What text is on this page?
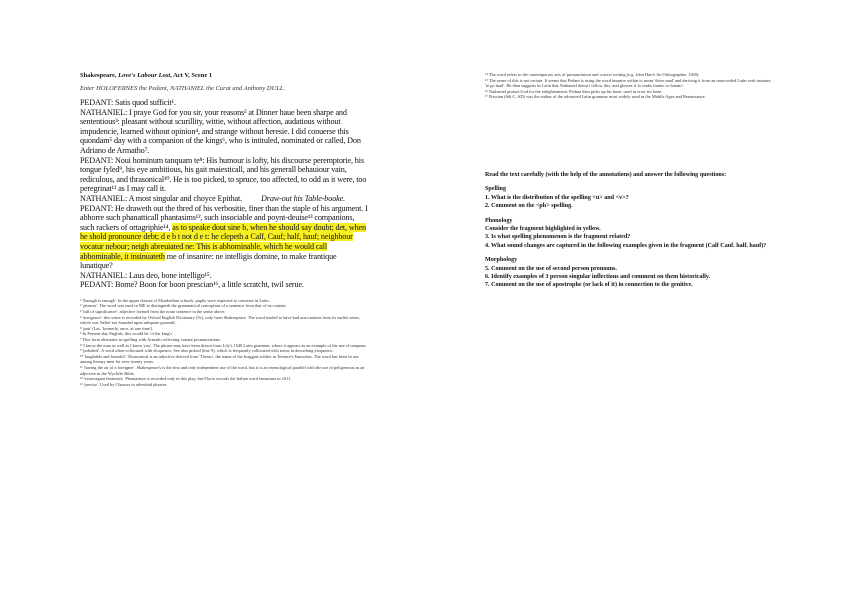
Shakespeare, Love's Labour Lost, Act V, Scene 1

Enter HOLOFERNES the Pedant, NATHANIEL the Curat and Anthony DULL.

PEDANT: Satis quod sufficit¹.

NATHANIEL: I praye God for you sir, your reasons² at Dinner haue been sharpe and

sententious³: pleasant without scurillity, wittie, without affection, audatious without impudencie, learned without opinion⁴, and strange without heresie. I did conuerse this quondam⁵ day with a companion of the kings⁶, who is intituled, nominated or called, Don Adriano de Armatho⁷.

PEDANT: Noui hominum tanquam te⁸: His humour is lofty, his discourse peremptorie, his tongue fyled⁹, his eye ambitious, his gait maiesticall, and his generall behauiour vain, rediculous, and thrasonical¹⁰. He is too picked, to spruce, too affected, to odd as it were, too peregrinat¹¹ as I may call it.

NATHANIEL: A most singular and choyce Epithat. Draw-out his Table-booke.

PEDANT: He draweth out the thred of his verbositie, finer than the staple of his argument. I abhorre such phanatticall phantasims¹², such insociable and poynt-deuise¹³ companions, such rackers of ortagriphie¹⁴, as to speake dout sine b, when he should say doubt; det, when he shold pronounce debt; d e b t not d e t: he clepeth a Calf, Cauf; half, hauf; neighbour vocatur nebour; neigh abreuiated ne: This is abhominable, which he would call abbominable, it insinuateth me of insanire: ne intelligis domine, to make frantique lunatique?

NATHANIEL: Laus deo, bone intelligo¹⁵.

PEDANT: Bome? Boon for boon prescian¹⁶, a little scratcht, twil serue.

¹ 'Enough is enough'. In the upper classes of Elizabethan schools, pupils were expected to converse in Latin.

² 'phrases'. The word was used in ME to distinguish the grammatical conception of a sentence from that of its content.

³ 'full of significance': adjective formed from the noun sentence in the sense above.

⁴ 'arrogance': this sense is recorded by Oxford English Dictionary (5c), only from Shakespeare. The word tended to have bad associations from its earlier sense, which was 'belief not founded upon adequate grounds'.

⁵ 'past' (Lat. 'formerly, once, at one time').

⁶ In Present-day English, this would be 'of the king's'.

⁷ This form alternates in spelling with Armado reflecting variant pronunciations.

⁸ 'I know the man as well as I know you'. The phrase may have been drawn from Lily's 1549 Latin grammar, where it appears as an example of the use of tanquam.

⁹ 'polished'. A word often collocated with eloquence. See also picked (line 9), which is frequently collocated with terms in describing eloquence.

¹⁰ 'laughable and boastful'. Thrasonical is an adjective derived from 'Thraso', the name of the braggart soldier in Terence's Eunuchus. The word has been in use among literary men for over twenty years.

¹¹ 'having the air of a foreigner'. Shakespeare's is the first and only independent use of the word, but it is an etymological parallel with the use of peligrenous as an adjective in the Wycliffe Bible.

¹² 'extravagant fantasists'. Phantasime is recorded only in this play, but Florio records the Italian word fantasima in 1611.

¹³ 'precise'. Used by Chaucer in adverbial phrases.

¹⁴ The word refers to the contemporary arts of pronunciation and correct writing (e.g. John Hart's An Orthographie, 1569).

¹⁵ The sense of this is not certain. It seems that Pedant is using the word insanire within to mean 'drive mad' and deriving it from an unrecorded Latin verb insanire, 'to go mad'. He then suggests in Latin that Nathaniel doesn't follow this, and glosses it 'to make frantic or lunatic'.

¹⁶ Nathaniel praises God for the enlightenment. Pedant then picks up his bone, used in error for bene.

¹⁷ Priscian (6th C. AD) was the author of the advanced Latin grammar most widely used in the Middle Ages and Renaissance.

Read the text carefully (with the help of the annotations) and answer the following questions:

Spelling

1. What is the distribution of the spelling <u> and <v>?

2. Comment on the <ph> spelling.

Phonology

Consider the fragment highlighted in yellow.

3. Is what spelling phenomenon is the fragment related?

4. What sound changes are captured in the following examples given in the fragment (Calf Cauf. half. hauf)?

Morphology

5. Comment on the use of second person pronouns.

6. Identify examples of 3 person singular inflections and comment on them historically.

7. Comment on the use of apostrophe (or lack of it) in connection to the genitive.
